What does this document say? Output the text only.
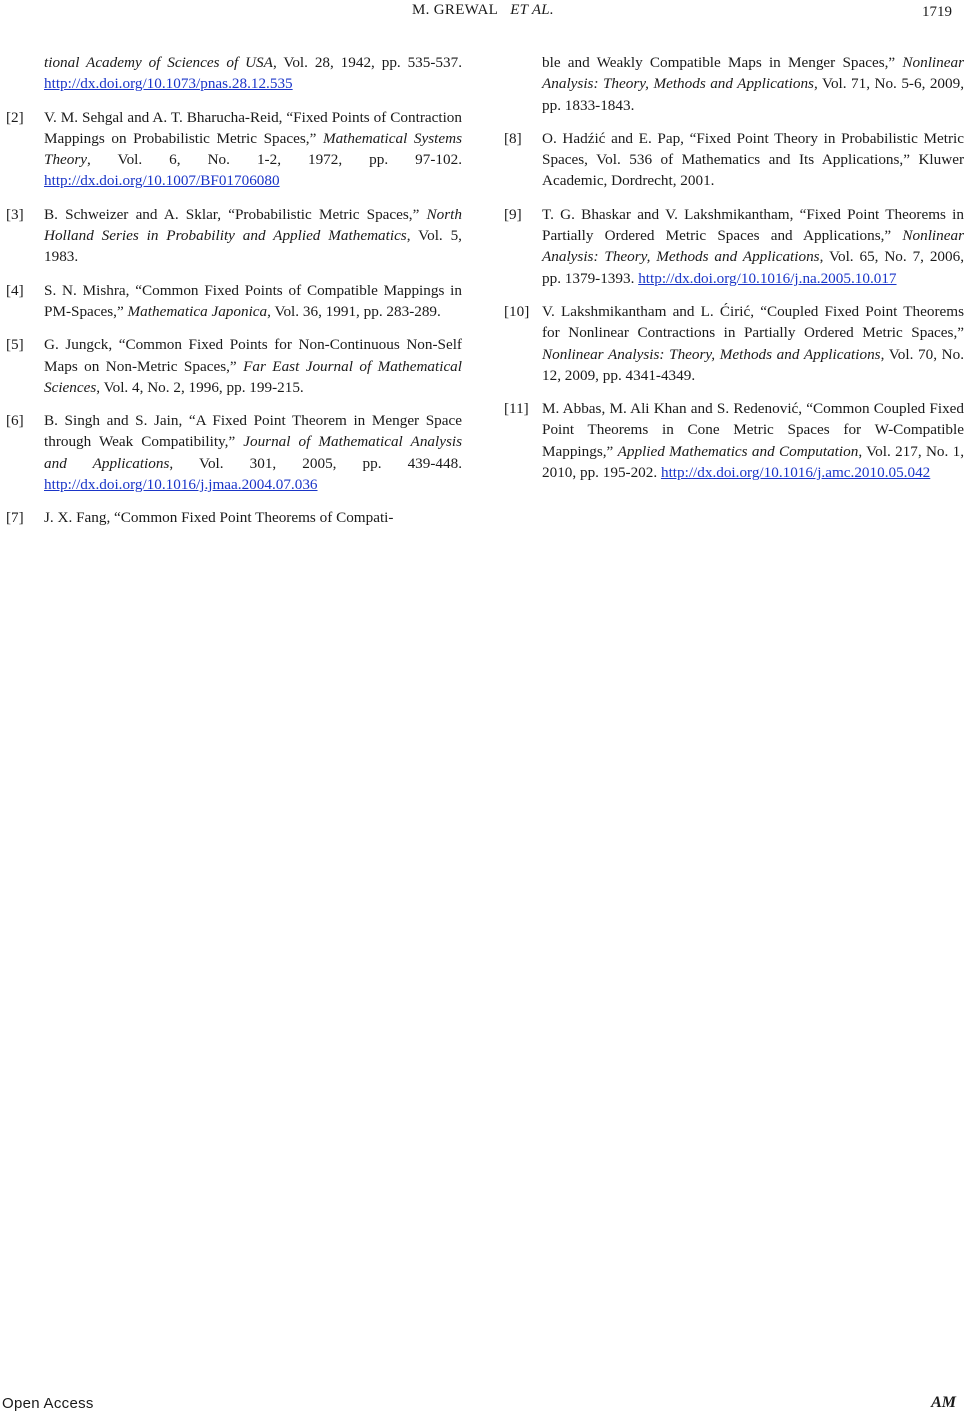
M. GREWAL ET AL.	1719
tional Academy of Sciences of USA, Vol. 28, 1942, pp. 535-537. http://dx.doi.org/10.1073/pnas.28.12.535
[2] V. M. Sehgal and A. T. Bharucha-Reid, “Fixed Points of Contraction Mappings on Probabilistic Metric Spaces,” Mathematical Systems Theory, Vol. 6, No. 1-2, 1972, pp. 97-102. http://dx.doi.org/10.1007/BF01706080
[3] B. Schweizer and A. Sklar, “Probabilistic Metric Spaces,” North Holland Series in Probability and Applied Mathematics, Vol. 5, 1983.
[4] S. N. Mishra, “Common Fixed Points of Compatible Mappings in PM-Spaces,” Mathematica Japonica, Vol. 36, 1991, pp. 283-289.
[5] G. Jungck, “Common Fixed Points for Non-Continuous Non-Self Maps on Non-Metric Spaces,” Far East Journal of Mathematical Sciences, Vol. 4, No. 2, 1996, pp. 199-215.
[6] B. Singh and S. Jain, “A Fixed Point Theorem in Menger Space through Weak Compatibility,” Journal of Mathematical Analysis and Applications, Vol. 301, 2005, pp. 439-448. http://dx.doi.org/10.1016/j.jmaa.2004.07.036
[7] J. X. Fang, “Common Fixed Point Theorems of Compati-
ble and Weakly Compatible Maps in Menger Spaces,” Nonlinear Analysis: Theory, Methods and Applications, Vol. 71, No. 5-6, 2009, pp. 1833-1843.
[8] O. Hadźić and E. Pap, “Fixed Point Theory in Probabilistic Metric Spaces, Vol. 536 of Mathematics and Its Applications,” Kluwer Academic, Dordrecht, 2001.
[9] T. G. Bhaskar and V. Lakshmikantham, “Fixed Point Theorems in Partially Ordered Metric Spaces and Applications,” Nonlinear Analysis: Theory, Methods and Applications, Vol. 65, No. 7, 2006, pp. 1379-1393. http://dx.doi.org/10.1016/j.na.2005.10.017
[10] V. Lakshmikantham and L. Ćirić, “Coupled Fixed Point Theorems for Nonlinear Contractions in Partially Ordered Metric Spaces,” Nonlinear Analysis: Theory, Methods and Applications, Vol. 70, No. 12, 2009, pp. 4341-4349.
[11] M. Abbas, M. Ali Khan and S. Redenović, “Common Coupled Fixed Point Theorems in Cone Metric Spaces for W-Compatible Mappings,” Applied Mathematics and Computation, Vol. 217, No. 1, 2010, pp. 195-202. http://dx.doi.org/10.1016/j.amc.2010.05.042
Open Access	AM
